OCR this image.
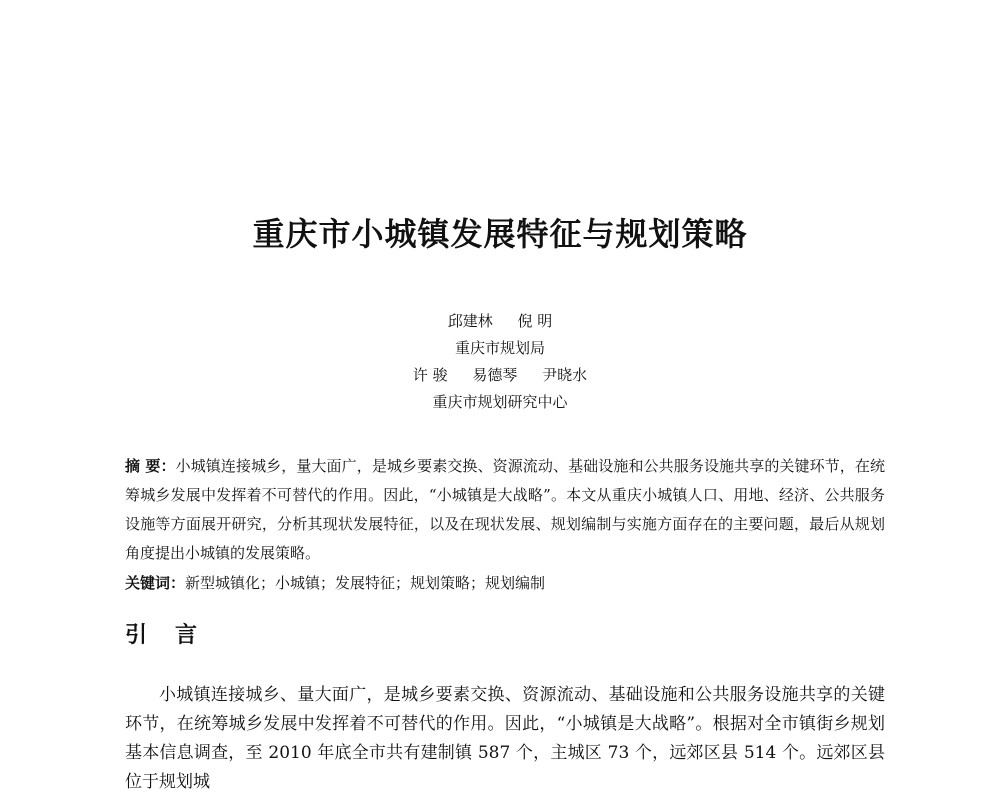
重庆市小城镇发展特征与规划策略
邱建林 倪 明
重庆市规划局
许 骏 易德琴 尹晓水
重庆市规划研究中心
摘 要：小城镇连接城乡，量大面广，是城乡要素交换、资源流动、基础设施和公共服务设施共享的关键环节，在统筹城乡发展中发挥着不可替代的作用。因此，“小城镇是大战略”。本文从重庆小城镇人口、用地、经济、公共服务设施等方面展开研究，分析其现状发展特征，以及在现状发展、规划编制与实施方面存在的主要问题，最后从规划角度提出小城镇的发展策略。
关键词：新型城镇化；小城镇；发展特征；规划策略；规划编制
引言

小城镇连接城乡、量大面广，是城乡要素交换、资源流动、基础设施和公共服务设施共享的关键环节，在统筹城乡发展中发挥着不可替代的作用。因此，“小城镇是大战略”。根据对全市镇街乡规划基本信息调查，至 2010 年底全市共有建制镇 587 个，主城区 73 个，远郊区县 514 个。远郊区县位于规划城
